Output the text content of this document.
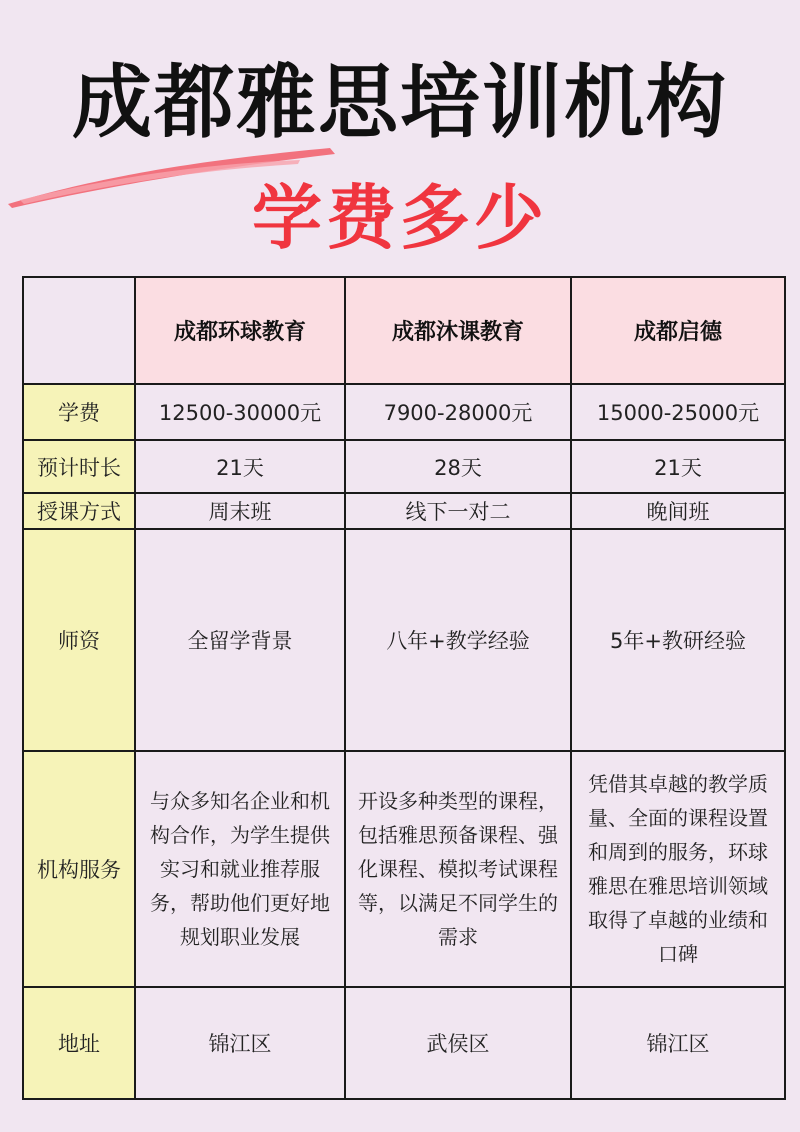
成都雅思培训机构
学费多少
	成都环球教育	成都沐课教育	成都启德
学费	12500-30000元	7900-28000元	15000-25000元
预计时长	21天	28天	21天
授课方式	周末班	线下一对二	晚间班
师资	全留学背景	八年+教学经验	5年+教研经验
机构服务	与众多知名企业和机构合作，为学生提供实习和就业推荐服务，帮助他们更好地规划职业发展	开设多种类型的课程，包括雅思预备课程、强化课程、模拟考试课程等，以满足不同学生的需求	凭借其卓越的教学质量、全面的课程设置和周到的服务，环球雅思在雅思培训领域取得了卓越的业绩和口碑
地址	锦江区	武侯区	锦江区
